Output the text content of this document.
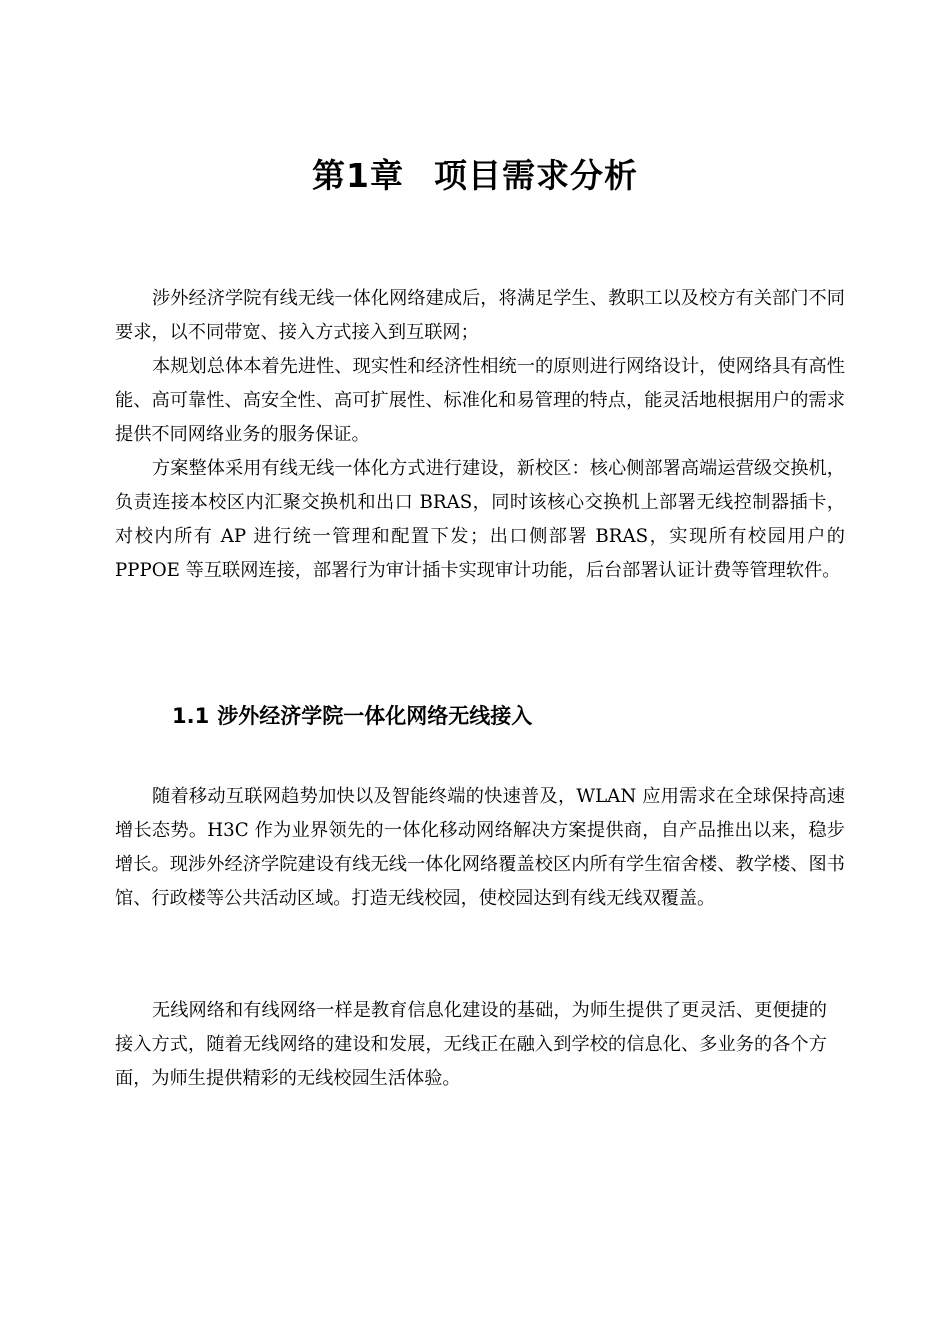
第1章 项目需求分析

涉外经济学院有线无线一体化网络建成后，将满足学生、教职工以及校方有关部门不同要求，以不同带宽、接入方式接入到互联网；

本规划总体本着先进性、现实性和经济性相统一的原则进行网络设计，使网络具有高性能、高可靠性、高安全性、高可扩展性、标准化和易管理的特点，能灵活地根据用户的需求提供不同网络业务的服务保证。

方案整体采用有线无线一体化方式进行建设，新校区：核心侧部署高端运营级交换机，负责连接本校区内汇聚交换机和出口 BRAS，同时该核心交换机上部署无线控制器插卡，对校内所有 AP 进行统一管理和配置下发；出口侧部署 BRAS，实现所有校园用户的 PPPOE 等互联网连接，部署行为审计插卡实现审计功能，后台部署认证计费等管理软件。

1.1 涉外经济学院一体化网络无线接入

随着移动互联网趋势加快以及智能终端的快速普及，WLAN 应用需求在全球保持高速增长态势。H3C 作为业界领先的一体化移动网络解决方案提供商，自产品推出以来，稳步增长。现涉外经济学院建设有线无线一体化网络覆盖校区内所有学生宿舍楼、教学楼、图书馆、行政楼等公共活动区域。打造无线校园，使校园达到有线无线双覆盖。

无线网络和有线网络一样是教育信息化建设的基础，为师生提供了更灵活、更便捷的接入方式，随着无线网络的建设和发展，无线正在融入到学校的信息化、多业务的各个方面，为师生提供精彩的无线校园生活体验。
